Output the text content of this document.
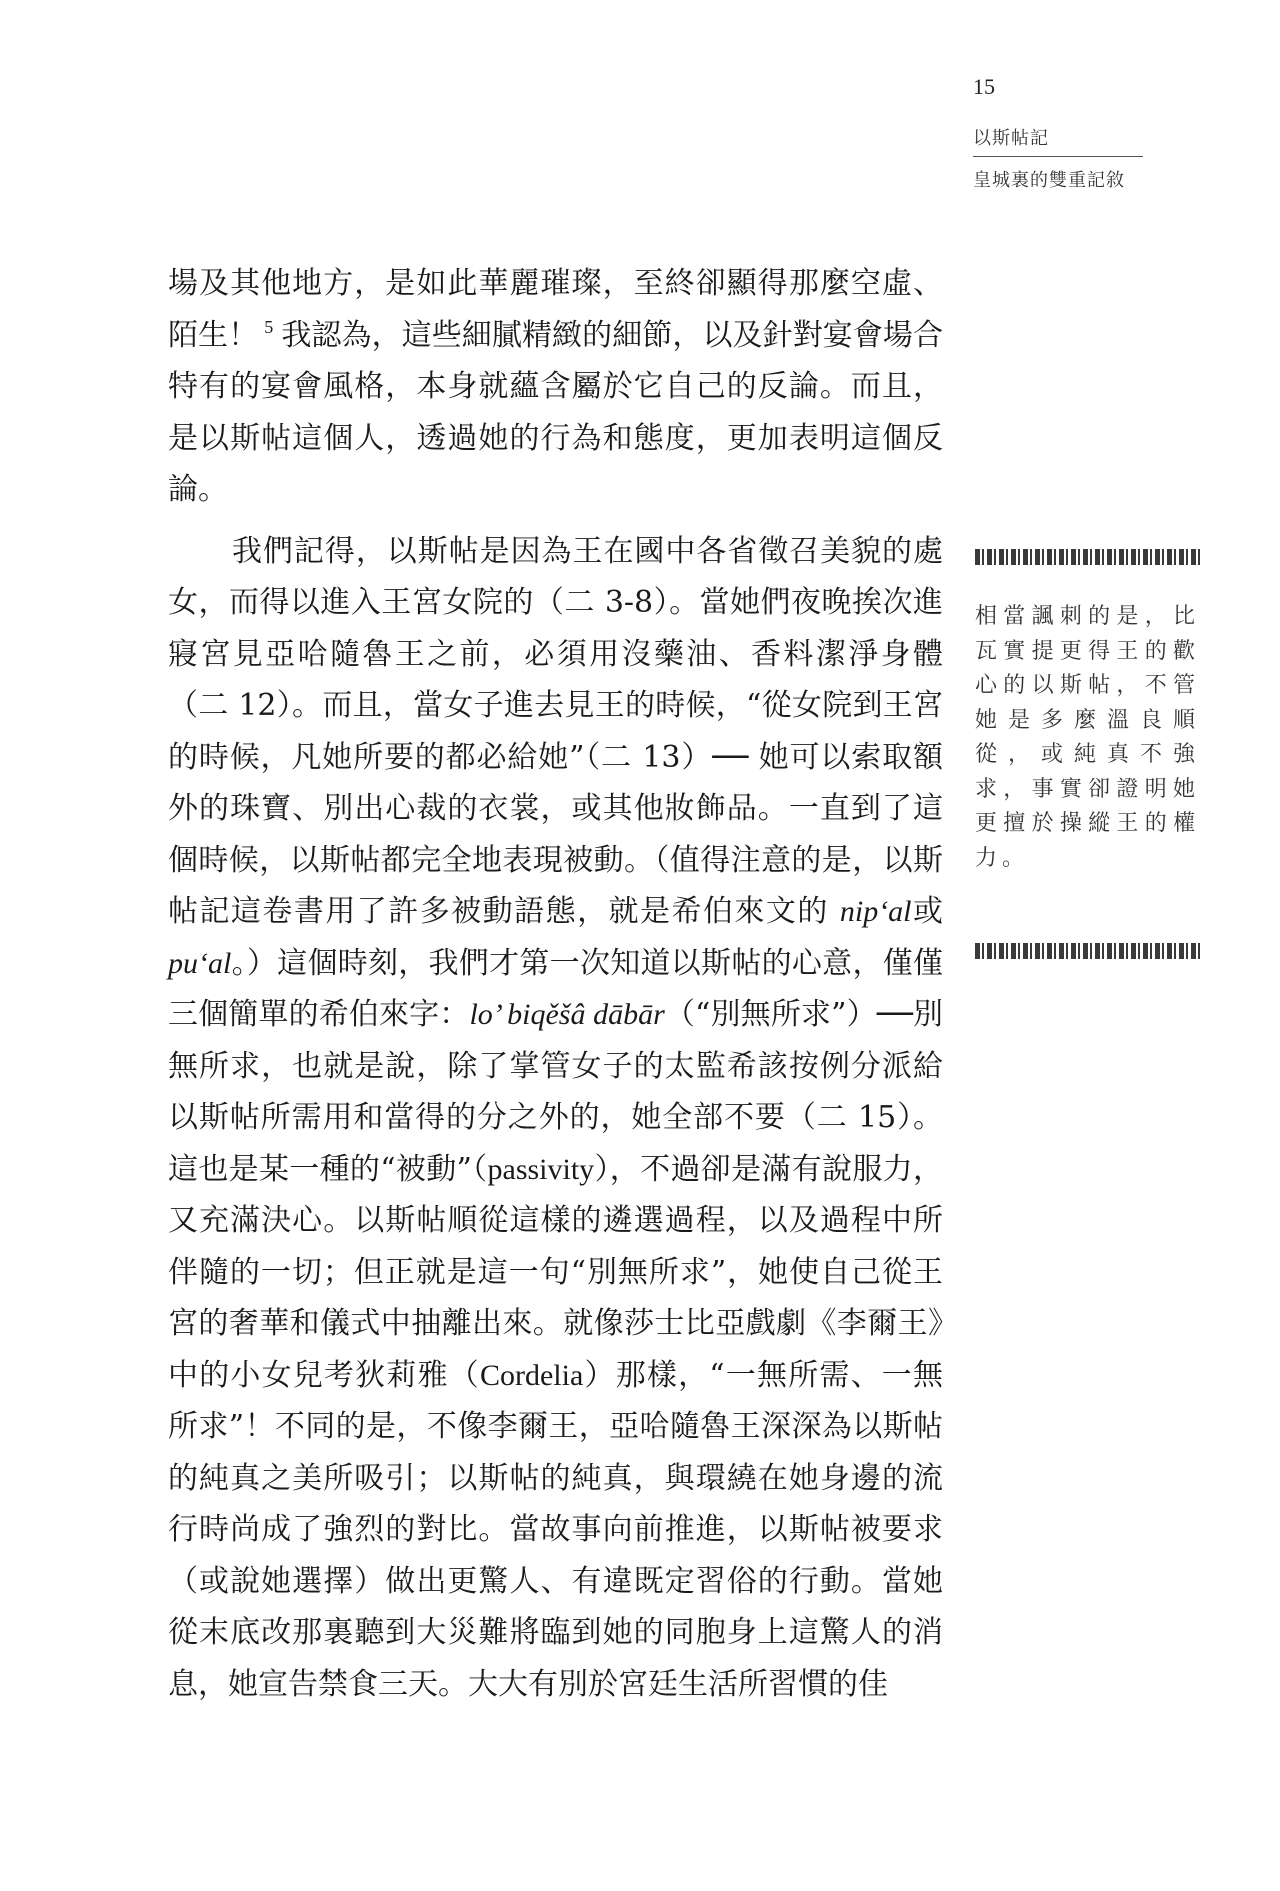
15
以斯帖記
皇城裏的雙重記敘

場及其他地方，是如此華麗璀璨，至終卻顯得那麼空虛、陌生！ $^5$ 我認為，這些細膩精緻的細節，以及針對宴會場合特有的宴會風格，本身就蘊含屬於它自己的反論。而且，是以斯帖這個人，透過她的行為和態度，更加表明這個反論。

我們記得，以斯帖是因為王在國中各省徵召美貌的處女，而得以進入王宮女院的（二 3-8）。當她們夜晚挨次進寢宮見亞哈隨魯王之前，必須用沒藥油、香料潔淨身體（二 12）。而且，當女子進去見王的時候，“從女院到王宮的時候，凡她所要的都必給她”（二 13）── 她可以索取額外的珠寶、別出心裁的衣裳，或其他妝飾品。一直到了這個時候，以斯帖都完全地表現被動。（值得注意的是，以斯帖記這卷書用了許多被動語態，就是希伯來文的 nip‘al或pu‘al。）這個時刻，我們才第一次知道以斯帖的心意，僅僅三個簡單的希伯來字：lo’ biqěšâ dābār（“別無所求”）──別無所求，也就是說，除了掌管女子的太監希該按例分派給以斯帖所需用和當得的分之外的，她全部不要（二 15）。這也是某一種的“被動”（passivity），不過卻是滿有說服力，又充滿決心。以斯帖順從這樣的遴選過程，以及過程中所伴隨的一切；但正就是這一句“別無所求”，她使自己從王宮的奢華和儀式中抽離出來。就像莎士比亞戲劇《李爾王》中的小女兒考狄莉雅（Cordelia）那樣，“一無所需、一無所求”！不同的是，不像李爾王，亞哈隨魯王深深為以斯帖的純真之美所吸引；以斯帖的純真，與環繞在她身邊的流行時尚成了強烈的對比。當故事向前推進，以斯帖被要求（或說她選擇）做出更驚人、有違既定習俗的行動。當她從末底改那裏聽到大災難將臨到她的同胞身上這驚人的消息，她宣告禁食三天。大大有別於宮廷生活所習慣的佳

相當諷刺的是，比瓦實提更得王的歡心的以斯帖，不管她是多麼溫良順從，或純真不強求，事實卻證明她更擅於操縱王的權力。
